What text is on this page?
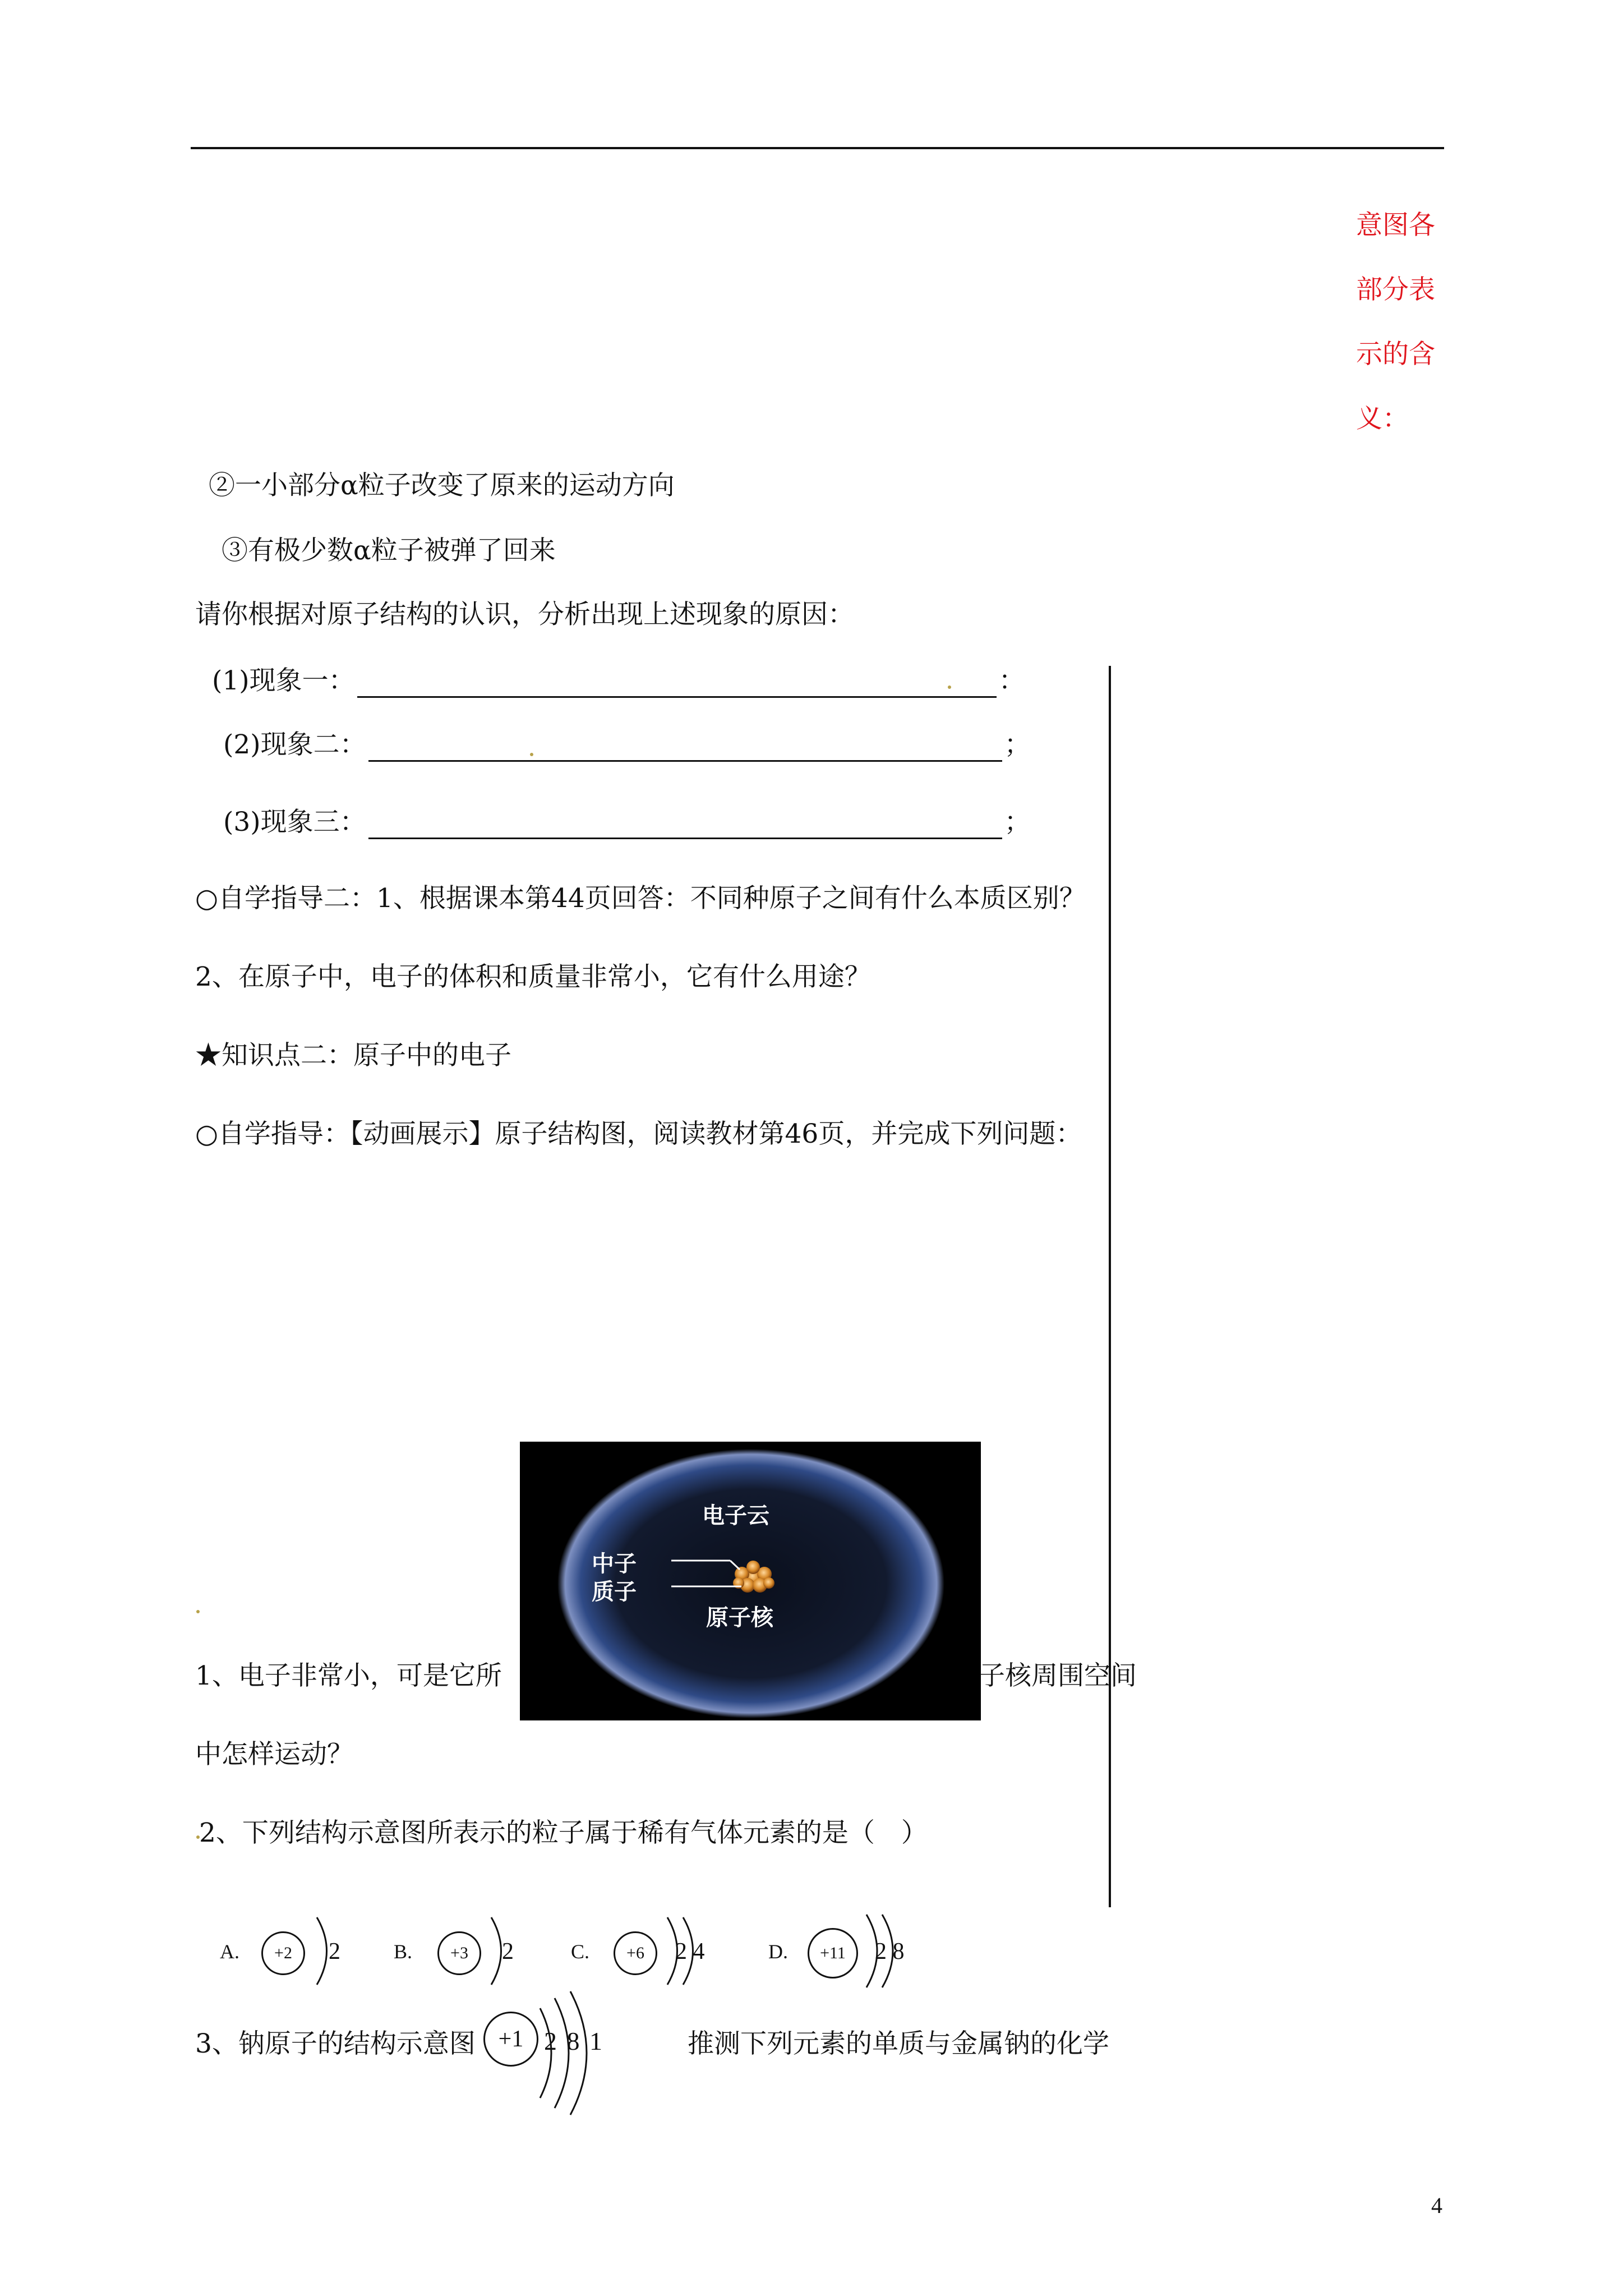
意图各
部分表
示的含
义：
②一小部分α粒子改变了原来的运动方向
③有极少数α粒子被弹了回来
请你根据对原子结构的认识，分析出现上述现象的原因：
(1)现象一：	：
(2)现象二：	；
(3)现象三：	；
○自学指导二：1、根据课本第44页回答：不同种原子之间有什么本质区别？
2、在原子中，电子的体积和质量非常小，它有什么用途？
★知识点二：原子中的电子
○自学指导：【动画展示】原子结构图，阅读教材第46页，并完成下列问题：
电子云
中子
质子
原子核
1、电子非常小，可是它所	子核周围空间
中怎样运动？
2、下列结构示意图所表示的粒子属于稀有气体元素的是（　）
A.	+2	2	B.	+3	2	C.	+6	2 4	D.	+11	2 8
3、钠原子的结构示意图 +1 2 8 1	推测下列元素的单质与金属钠的化学
4
